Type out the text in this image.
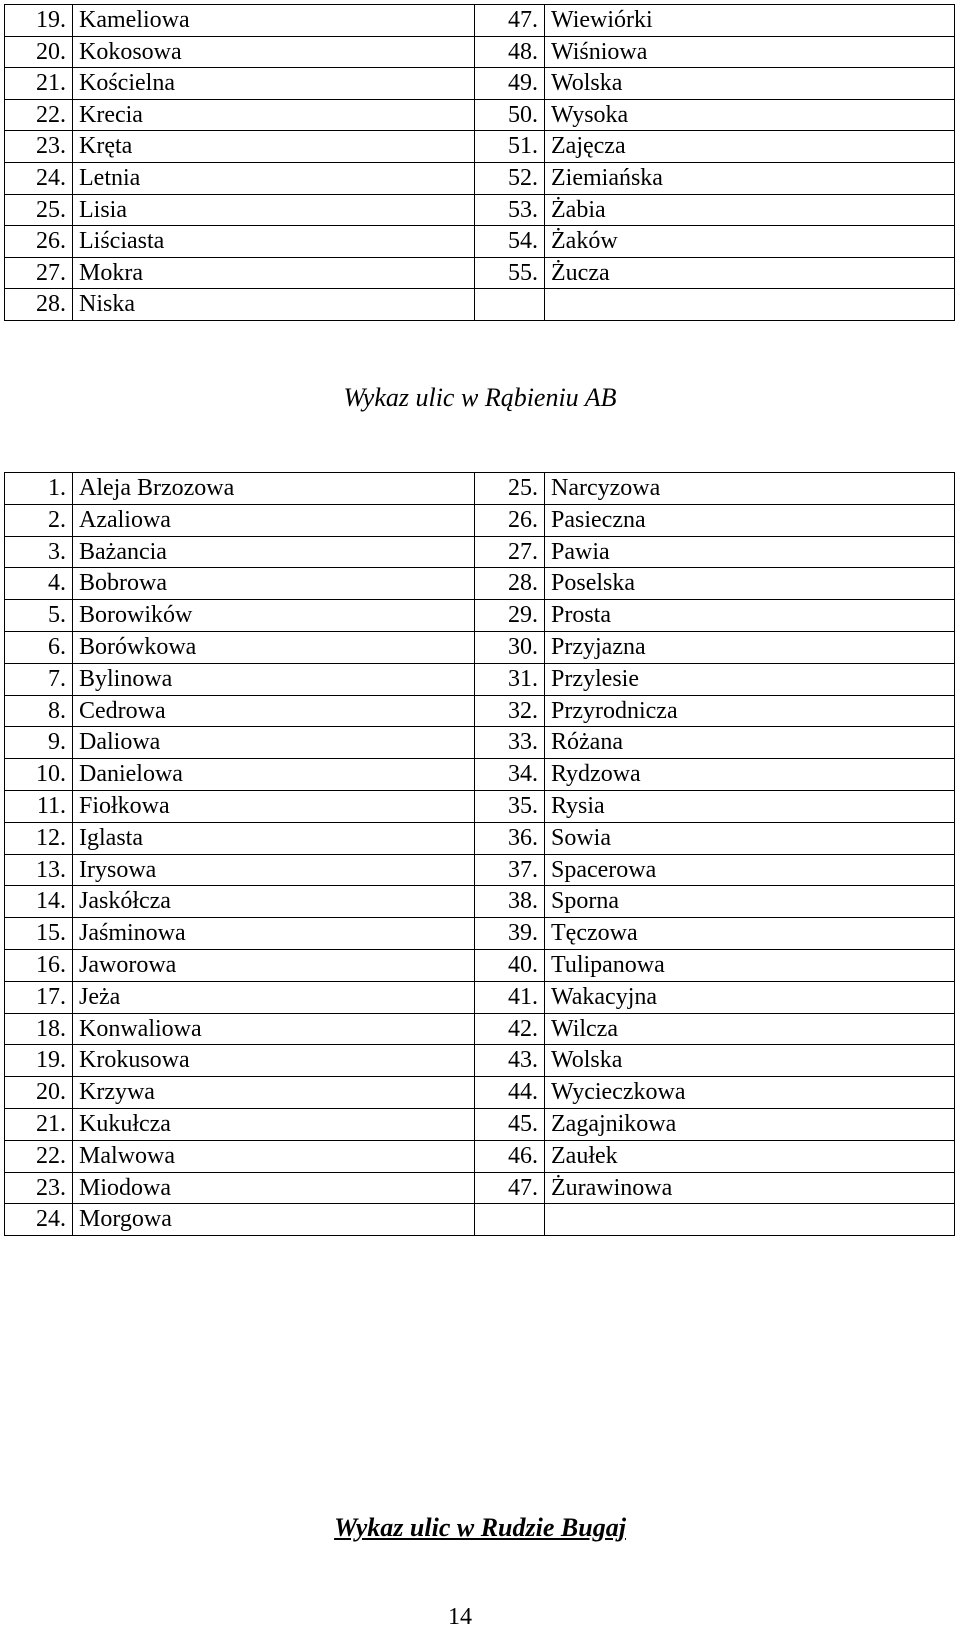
19.	Kameliowa	47.	Wiewiórki
20.	Kokosowa	48.	Wiśniowa
21.	Kościelna	49.	Wolska
22.	Krecia	50.	Wysoka
23.	Kręta	51.	Zajęcza
24.	Letnia	52.	Ziemiańska
25.	Lisia	53.	Żabia
26.	Liściasta	54.	Żaków
27.	Mokra	55.	Żucza
28.	Niska		
Wykaz ulic w Rąbieniu AB
1.	Aleja Brzozowa	25.	Narcyzowa
2.	Azaliowa	26.	Pasieczna
3.	Bażancia	27.	Pawia
4.	Bobrowa	28.	Poselska
5.	Borowików	29.	Prosta
6.	Borówkowa	30.	Przyjazna
7.	Bylinowa	31.	Przylesie
8.	Cedrowa	32.	Przyrodnicza
9.	Daliowa	33.	Różana
10.	Danielowa	34.	Rydzowa
11.	Fiołkowa	35.	Rysia
12.	Iglasta	36.	Sowia
13.	Irysowa	37.	Spacerowa
14.	Jaskółcza	38.	Sporna
15.	Jaśminowa	39.	Tęczowa
16.	Jaworowa	40.	Tulipanowa
17.	Jeża	41.	Wakacyjna
18.	Konwaliowa	42.	Wilcza
19.	Krokusowa	43.	Wolska
20.	Krzywa	44.	Wycieczkowa
21.	Kukułcza	45.	Zagajnikowa
22.	Malwowa	46.	Zaułek
23.	Miodowa	47.	Żurawinowa
24.	Morgowa		
Wykaz ulic w Rudzie Bugaj
14
